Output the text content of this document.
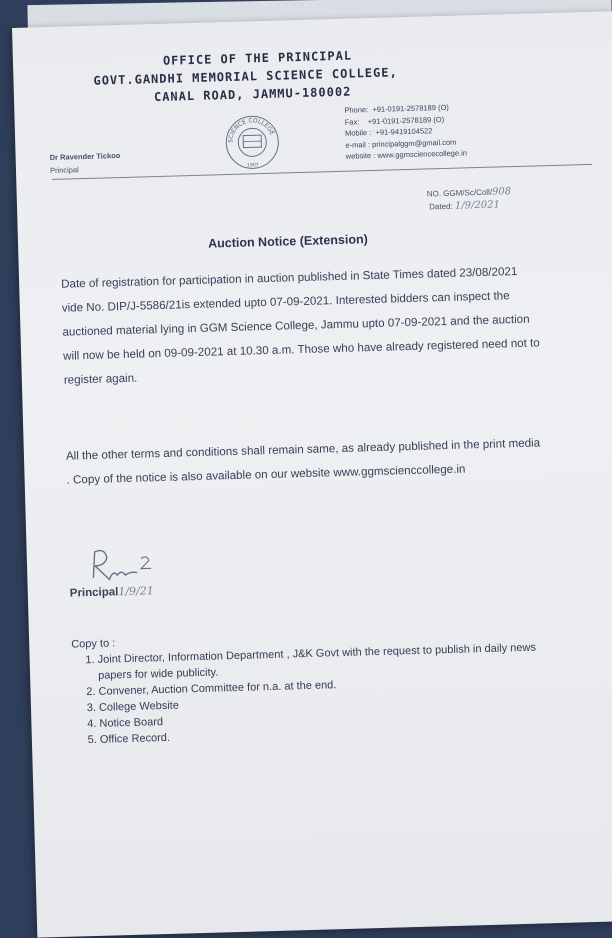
OFFICE OF THE PRINCIPAL
GOVT.GANDHI MEMORIAL SCIENCE COLLEGE,
CANAL ROAD, JAMMU-180002
Dr Ravender Tickoo
Principal
SCIENCE COLLEGE
1907
Phone: +91-0191-2578189 (O)
Fax: +91-0191-2578189 (O)
Mobile : +91-9419104522
e-mail : principalggm@gmail.com
website : www.ggmsciencecollege.in
NO. GGM/Sc/Coll/908
Dated: 1/9/2021
Auction Notice (Extension)
Date of registration for participation in auction published in State Times dated 23/08/2021 vide No. DIP/J-5586/21is extended upto 07-09-2021. Interested bidders can inspect the auctioned material lying in GGM Science College, Jammu upto 07-09-2021 and the auction will now be held on 09-09-2021 at 10.30 a.m. Those who have already registered need not to register again.
All the other terms and conditions shall remain same, as already published in the print media . Copy of the notice is also available on our website www.ggmscienccollege.in
Principal1/9/21
Copy to :
1. Joint Director, Information Department , J&K Govt with the request to publish in daily news papers for wide publicity.
2. Convener, Auction Committee for n.a. at the end.
3. College Website
4. Notice Board
5. Office Record.
